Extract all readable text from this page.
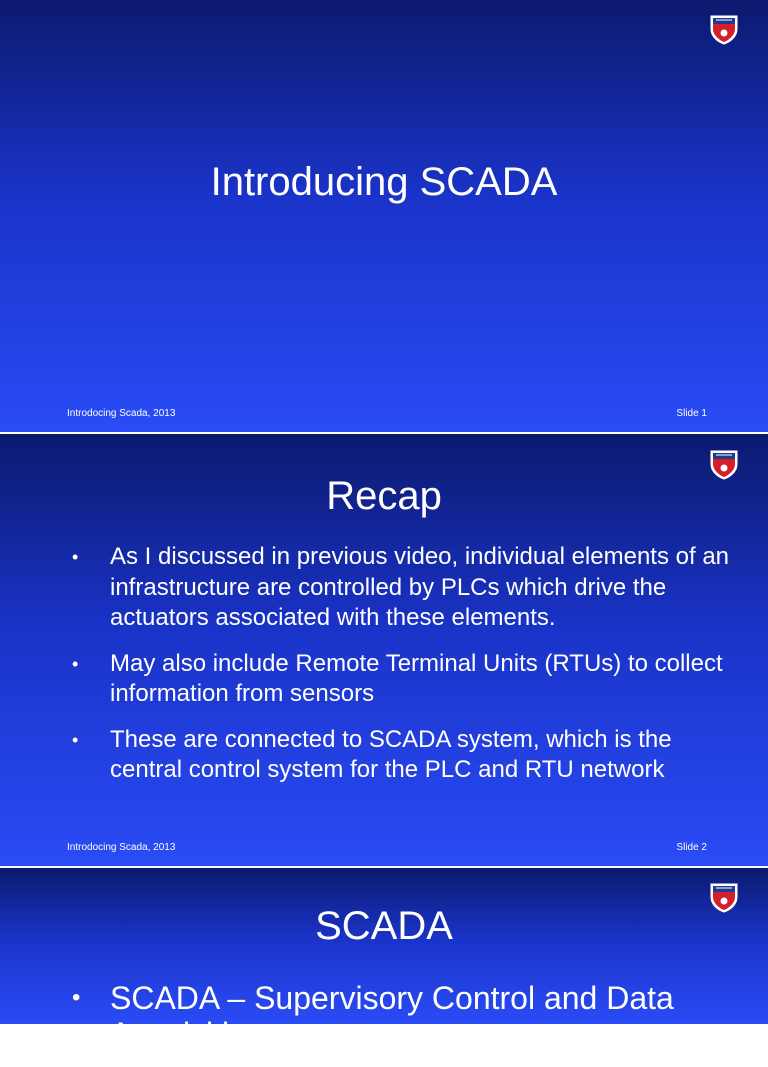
Introducing SCADA
Introdocing Scada, 2013	Slide 1
Recap
• As I discussed in previous video, individual elements of an infrastructure are controlled by PLCs which drive the actuators associated with these elements.
• May also include Remote Terminal Units (RTUs) to collect information from sensors
• These are connected to SCADA system, which is the central control system for the PLC and RTU network
Introdocing Scada, 2013	Slide 2
SCADA
• SCADA – Supervisory Control and Data Acquisition
